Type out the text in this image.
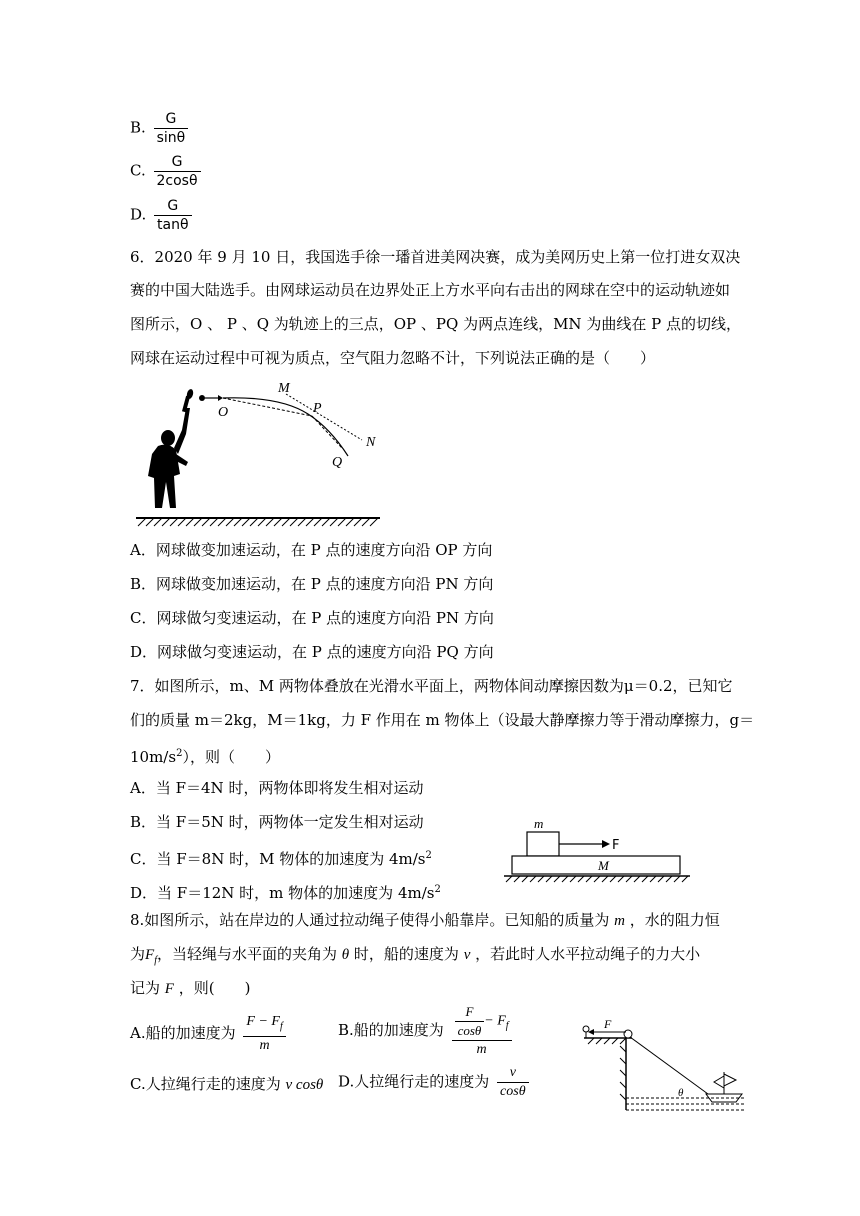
B. $\frac{G}{\sin\theta}$
C. $\frac{G}{2\cos\theta}$
D. $\frac{G}{\tan\theta}$
6．2020 年 9 月 10 日，我国选手徐一璠首进美网决赛，成为美网历史上第一位打进女双决
赛的中国大陆选手。由网球运动员在边界处正上方水平向右击出的网球在空中的运动轨迹如
图所示，O 、 P 、Q 为轨迹上的三点，OP 、PQ 为两点连线，MN 为曲线在 P 点的切线，
网球在运动过程中可视为质点，空气阻力忽略不计，下列说法正确的是（　　）
O
M
P
N
Q
A．网球做变加速运动，在 P 点的速度方向沿 OP 方向
B．网球做变加速运动，在 P 点的速度方向沿 PN 方向
C．网球做匀变速运动，在 P 点的速度方向沿 PN 方向
D．网球做匀变速运动，在 P 点的速度方向沿 PQ 方向
7．如图所示，m、M 两物体叠放在光滑水平面上，两物体间动摩擦因数为μ＝0.2，已知它
们的质量 m＝2kg，M＝1kg，力 F 作用在 m 物体上（设最大静摩擦力等于滑动摩擦力，g＝
$10m/s^2$），则（　　）
A．当 F＝4N 时，两物体即将发生相对运动
B．当 F＝5N 时，两物体一定发生相对运动
C．当 F＝8N 时，M 物体的加速度为 $4m/s^2$
D．当 F＝12N 时，m 物体的加速度为 $4m/s^2$
m
F
M
8.如图所示，站在岸边的人通过拉动绳子使得小船靠岸。已知船的质量为 m ，水的阻力恒
为$F_f$，当轻绳与水平面的夹角为 θ 时，船的速度为 v ，若此时人水平拉动绳子的力大小
记为 F ，则(　　)
A.船的加速度为 $\frac{F - F_f}{m}$	B.船的加速度为 $\frac{\frac{F}{\cos\theta} - F_f}{m}$
C.人拉绳行走的速度为 v cosθ D.人拉绳行走的速度为 $\frac{v}{\cos\theta}$
F
θ
